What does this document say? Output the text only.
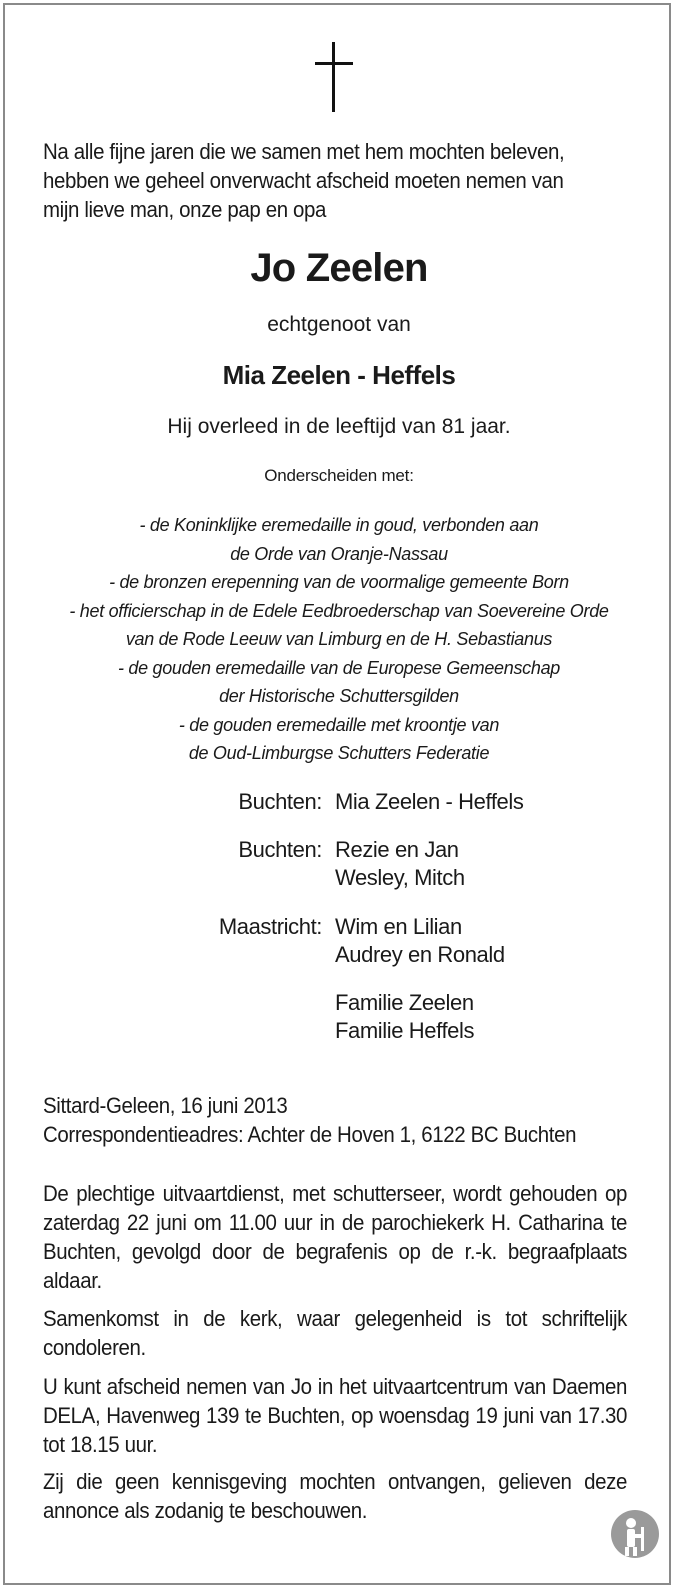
Na alle fijne jaren die we samen met hem mochten beleven,
hebben we geheel onverwacht afscheid moeten nemen van
mijn lieve man, onze pap en opa
Jo Zeelen
echtgenoot van
Mia Zeelen - Heffels
Hij overleed in de leeftijd van 81 jaar.
Onderscheiden met:
- de Koninklijke eremedaille in goud, verbonden aan
de Orde van Oranje-Nassau
- de bronzen erepenning van de voormalige gemeente Born
- het officierschap in de Edele Eedbroederschap van Soevereine Orde
van de Rode Leeuw van Limburg en de H. Sebastianus
- de gouden eremedaille van de Europese Gemeenschap
der Historische Schuttersgilden
- de gouden eremedaille met kroontje van
de Oud-Limburgse Schutters Federatie
Buchten: Mia Zeelen - Heffels
Buchten: Rezie en Jan
Wesley, Mitch
Maastricht: Wim en Lilian
Audrey en Ronald
Familie Zeelen
Familie Heffels
Sittard-Geleen, 16 juni 2013
Correspondentieadres: Achter de Hoven 1, 6122 BC Buchten
De plechtige uitvaartdienst, met schutterseer, wordt gehouden op zaterdag 22 juni om 11.00 uur in de parochiekerk H. Catharina te Buchten, gevolgd door de begrafenis op de r.-k. begraafplaats aldaar.
Samenkomst in de kerk, waar gelegenheid is tot schriftelijk condoleren.
U kunt afscheid nemen van Jo in het uitvaartcentrum van Daemen DELA, Havenweg 139 te Buchten, op woensdag 19 juni van 17.30 tot 18.15 uur.
Zij die geen kennisgeving mochten ontvangen, gelieven deze annonce als zodanig te beschouwen.
